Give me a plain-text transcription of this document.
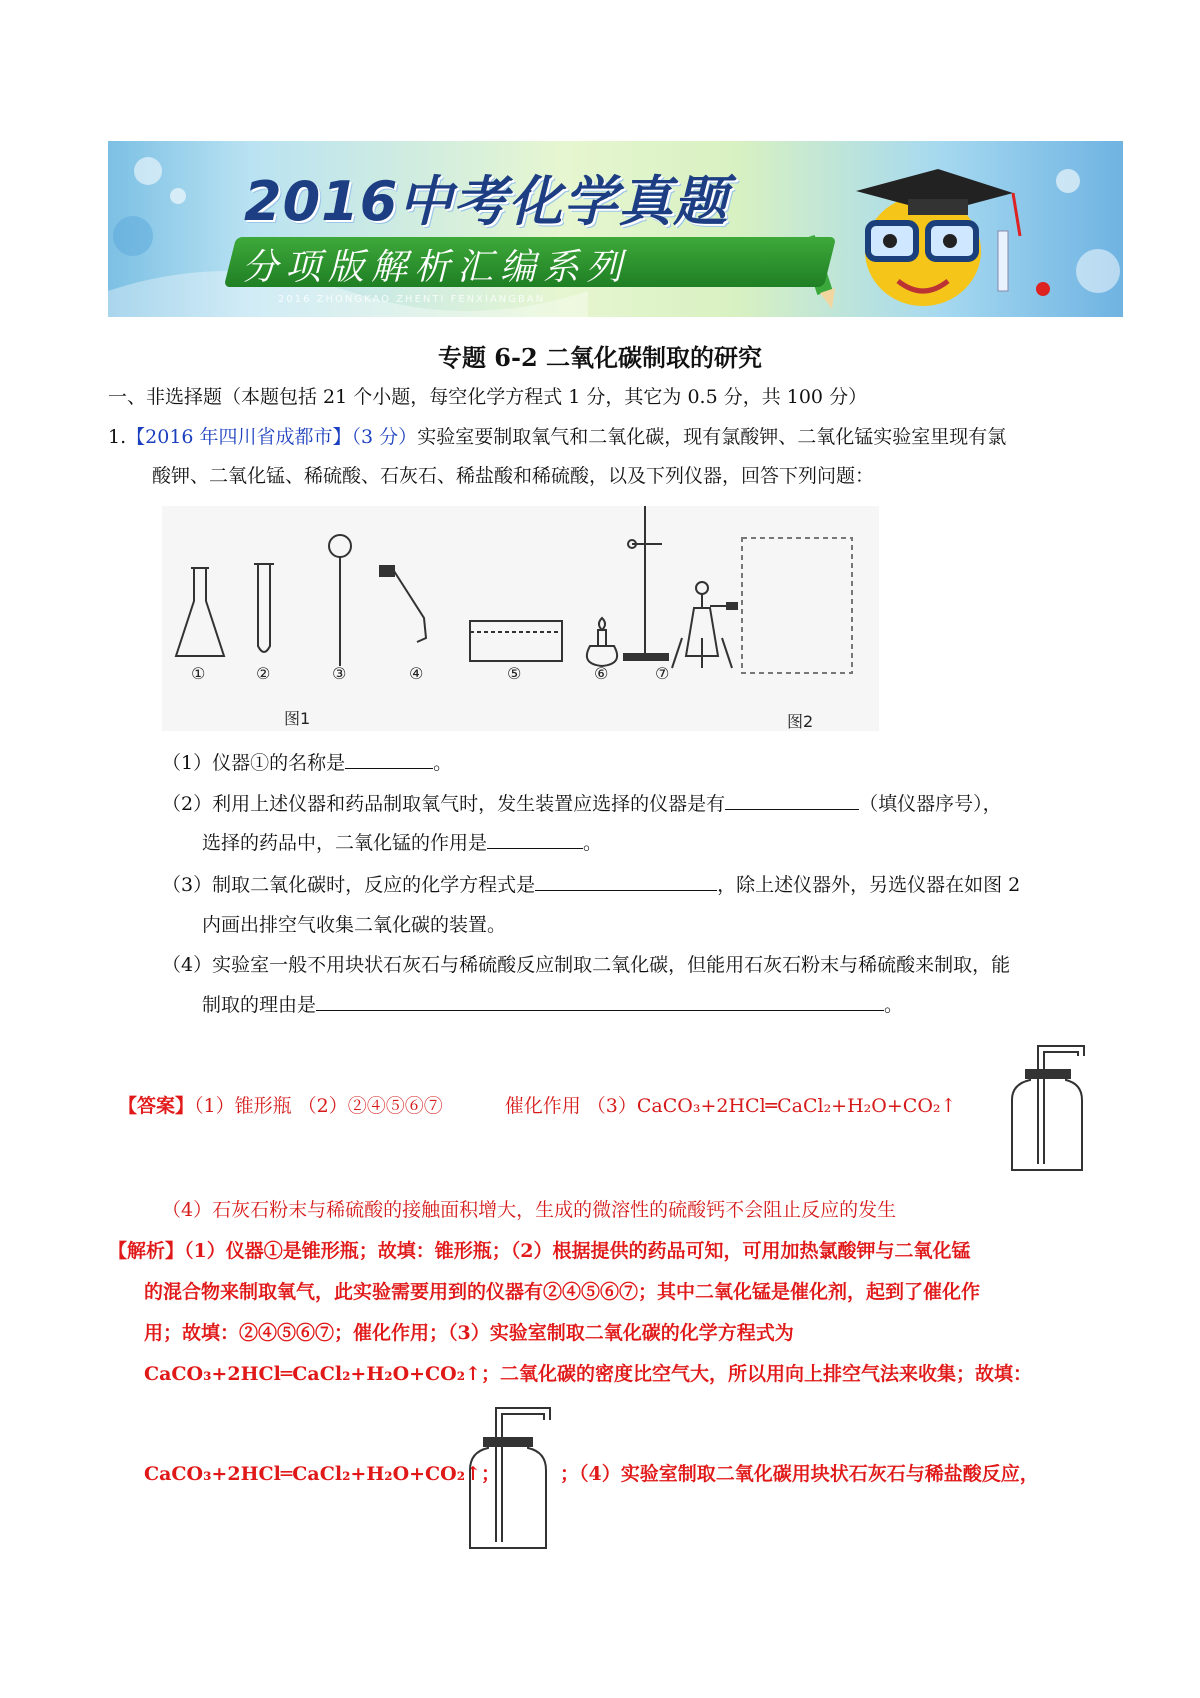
2016中考化学真题
分项版解析汇编系列
2016 ZHONGKAO ZHENTI FENXIANGBAN
专题 6-2 二氧化碳制取的研究
一、非选择题（本题包括 21 个小题，每空化学方程式 1 分，其它为 0.5 分，共 100 分）
1.【2016 年四川省成都市】（3 分）实验室要制取氧气和二氧化碳，现有氯酸钾、二氧化锰实验室里现有氯
酸钾、二氧化锰、稀硫酸、石灰石、稀盐酸和稀硫酸，以及下列仪器，回答下列问题：
①	②	③	④	⑤	⑥	⑦
图1	图2
（1）仪器①的名称是	。
（2）利用上述仪器和药品制取氧气时，发生装置应选择的仪器是有	（填仪器序号），
选择的药品中，二氧化锰的作用是	。
（3）制取二氧化碳时，反应的化学方程式是	，除上述仪器外，另选仪器在如图 2
内画出排空气收集二氧化碳的装置。
（4）实验室一般不用块状石灰石与稀硫酸反应制取二氧化碳，但能用石灰石粉末与稀硫酸来制取，能
制取的理由是	。
【答案】（1）锥形瓶 （2）②④⑤⑥⑦	催化作用 （3）CaCO₃+2HCl═CaCl₂+H₂O+CO₂↑
（4）石灰石粉末与稀硫酸的接触面积增大，生成的微溶性的硫酸钙不会阻止反应的发生
【解析】（1）仪器①是锥形瓶；故填：锥形瓶；（2）根据提供的药品可知，可用加热氯酸钾与二氧化锰
的混合物来制取氧气，此实验需要用到的仪器有②④⑤⑥⑦；其中二氧化锰是催化剂，起到了催化作
用；故填：②④⑤⑥⑦；催化作用；（3）实验室制取二氧化碳的化学方程式为
CaCO₃+2HCl═CaCl₂+H₂O+CO₂↑；二氧化碳的密度比空气大，所以用向上排空气法来收集；故填：
CaCO₃+2HCl═CaCl₂+H₂O+CO₂↑；	；（4）实验室制取二氧化碳用块状石灰石与稀盐酸反应，
